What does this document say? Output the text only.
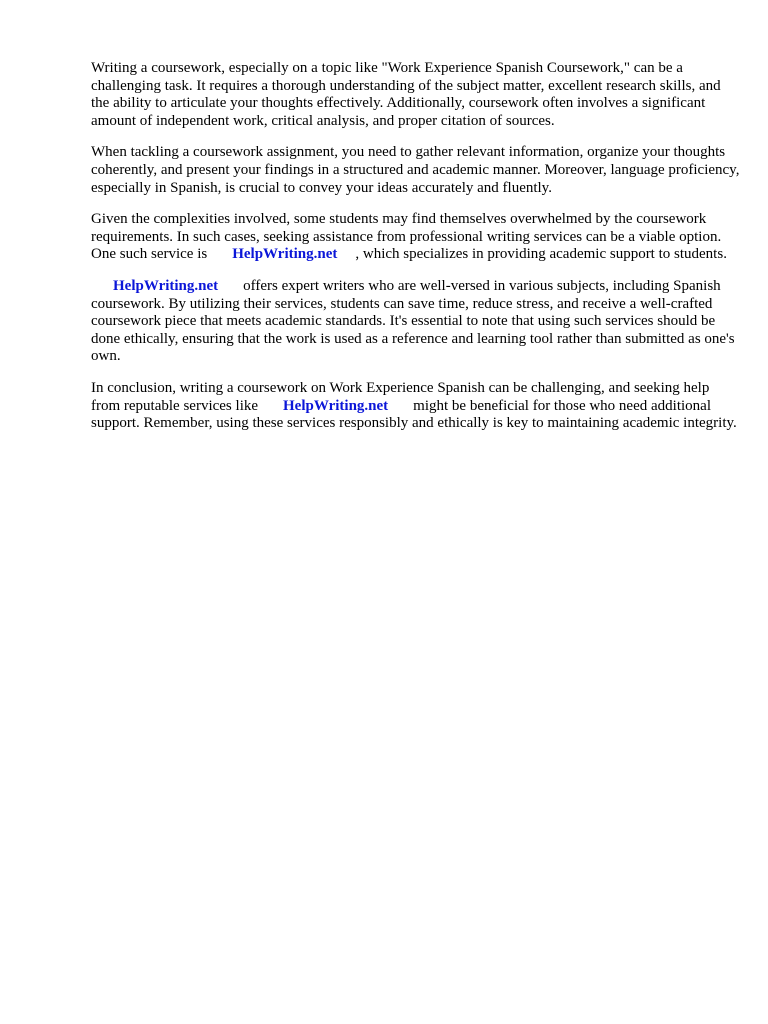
Writing a coursework, especially on a topic like "Work Experience Spanish Coursework," can be a challenging task. It requires a thorough understanding of the subject matter, excellent research skills, and the ability to articulate your thoughts effectively. Additionally, coursework often involves a significant amount of independent work, critical analysis, and proper citation of sources.

When tackling a coursework assignment, you need to gather relevant information, organize your thoughts coherently, and present your findings in a structured and academic manner. Moreover, language proficiency, especially in Spanish, is crucial to convey your ideas accurately and fluently.

Given the complexities involved, some students may find themselves overwhelmed by the coursework requirements. In such cases, seeking assistance from professional writing services can be a viable option. One such service is HelpWriting.net , which specializes in providing academic support to students.

HelpWriting.net offers expert writers who are well-versed in various subjects, including Spanish coursework. By utilizing their services, students can save time, reduce stress, and receive a well-crafted coursework piece that meets academic standards. It's essential to note that using such services should be done ethically, ensuring that the work is used as a reference and learning tool rather than submitted as one's own.

In conclusion, writing a coursework on Work Experience Spanish can be challenging, and seeking help from reputable services like HelpWriting.net might be beneficial for those who need additional support. Remember, using these services responsibly and ethically is key to maintaining academic integrity.
